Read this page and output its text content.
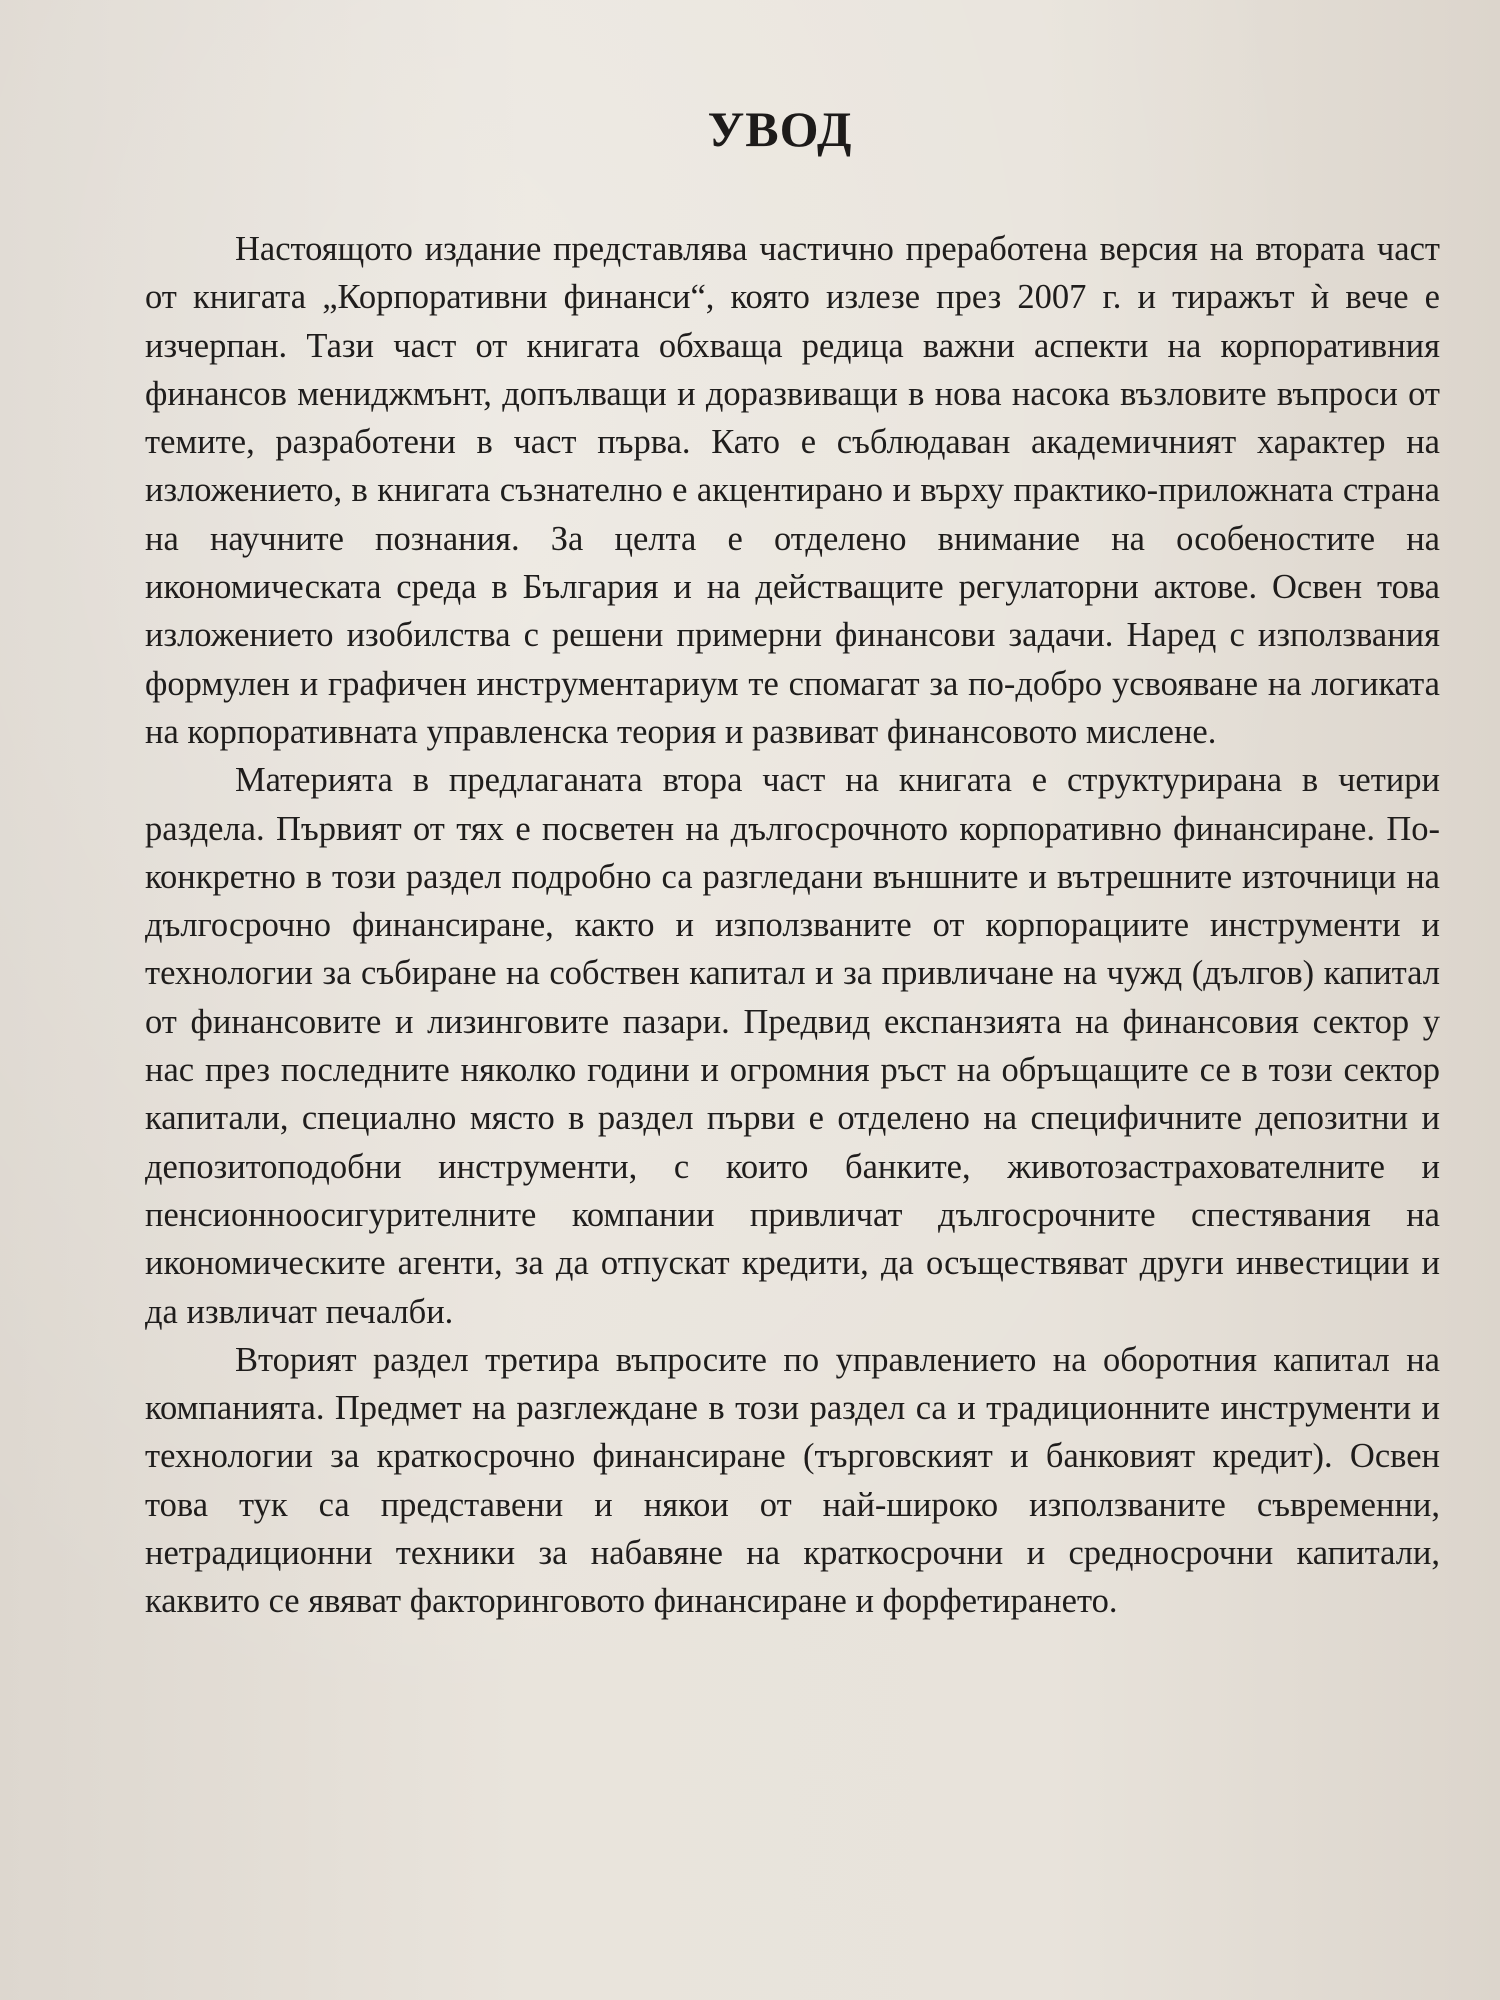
УВОД

Настоящото издание представлява частично преработена версия на втората част от книгата „Корпоративни финанси“, която излезе през 2007 г. и тиражът ѝ вече е изчерпан. Тази част от книгата обхваща редица важни аспекти на корпоративния финансов мениджмънт, допълващи и доразвиващи в нова насока възловите въпроси от темите, разработени в част първа. Като е съблюдаван академичният характер на изложението, в книгата съзнателно е акцентирано и върху практико-приложната страна на научните познания. За целта е отделено внимание на особеностите на икономическата среда в България и на действащите регулаторни актове. Освен това изложението изобилства с решени примерни финансови задачи. Наред с използвания формулен и графичен инструментариум те спомагат за по-добро усвояване на логиката на корпоративната управленска теория и развиват финансовото мислене.

Материята в предлаганата втора част на книгата е структурирана в четири раздела. Първият от тях е посветен на дългосрочното корпоративно финансиране. По-конкретно в този раздел подробно са разгледани външните и вътрешните източници на дългосрочно финансиране, както и използваните от корпорациите инструменти и технологии за събиране на собствен капитал и за привличане на чужд (дългов) капитал от финансовите и лизинговите пазари. Предвид експанзията на финансовия сектор у нас през последните няколко години и огромния ръст на обръщащите се в този сектор капитали, специално място в раздел първи е отделено на специфичните депозитни и депозитоподобни инструменти, с които банките, животозастрахователните и пенсионноосигурителните компании привличат дългосрочните спестявания на икономическите агенти, за да отпускат кредити, да осъществяват други инвестиции и да извличат печалби.

Вторият раздел третира въпросите по управлението на оборотния капитал на компанията. Предмет на разглеждане в този раздел са и традиционните инструменти и технологии за краткосрочно финансиране (търговският и банковият кредит). Освен това тук са представени и някои от най-широко използваните съвременни, нетрадиционни техники за набавяне на краткосрочни и средносрочни капитали, каквито се явяват факторинговото финансиране и форфетирането.
